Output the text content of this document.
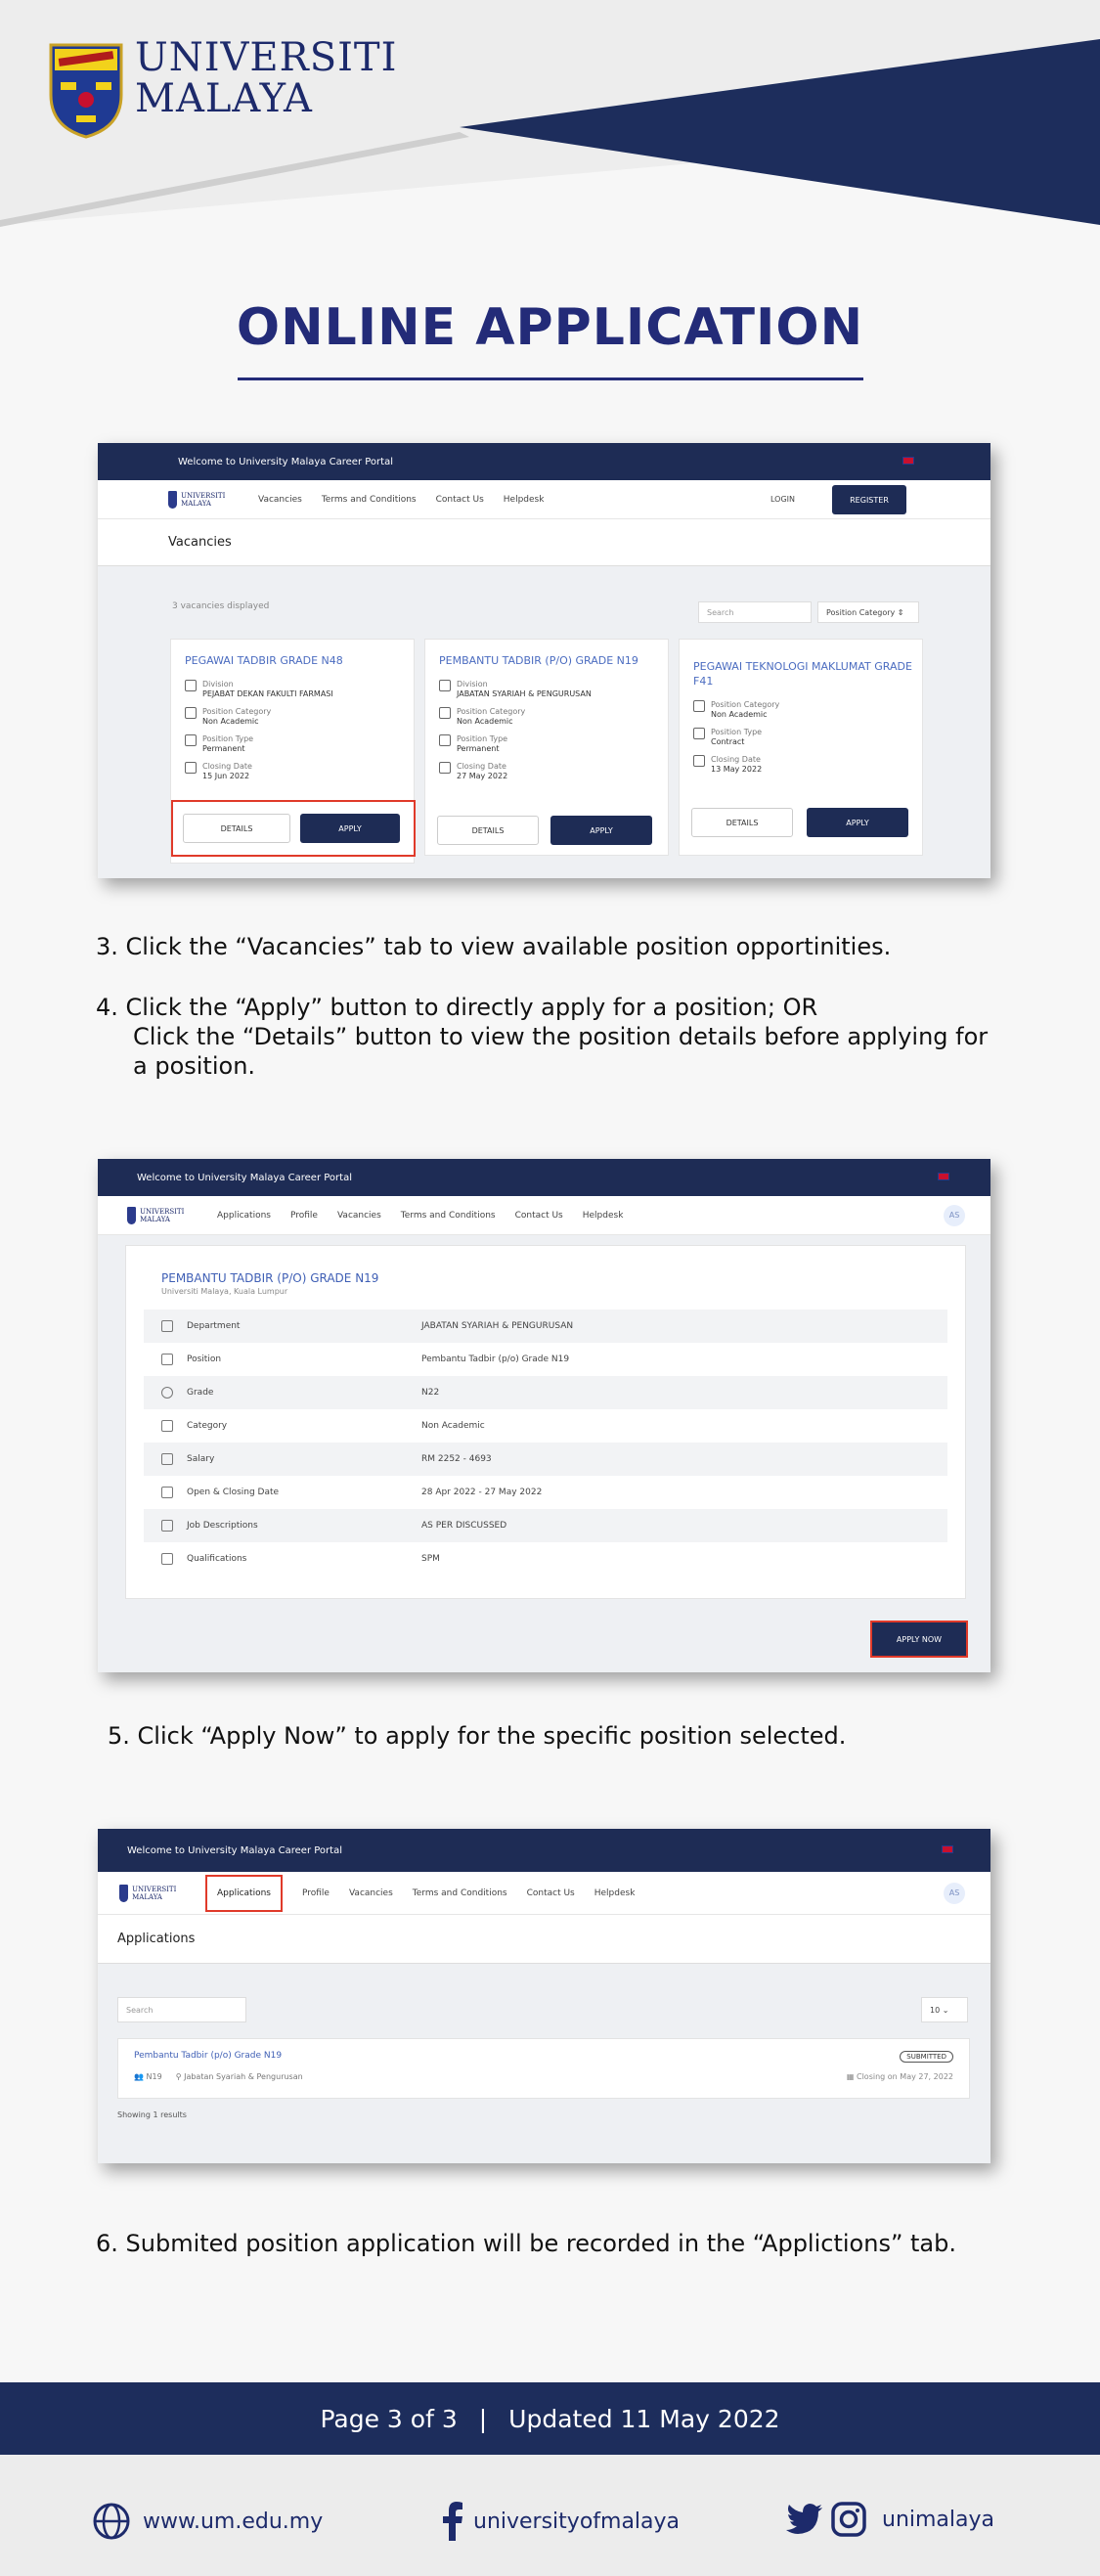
UNIVERSITI
MALAYA
ONLINE APPLICATION
Welcome to University Malaya Career Portal
UNIVERSITI MALAYA	Vacancies Terms and Conditions Contact Us Helpdesk	LOGIN	REGISTER
Vacancies
3 vacancies displayed
Search	Position Category ⇕
PEGAWAI TADBIR GRADE N48
Division
PEJABAT DEKAN FAKULTI FARMASI
Position Category
Non Academic
Position Type
Permanent
Closing Date
15 Jun 2022
DETAILS	APPLY
PEMBANTU TADBIR (P/O) GRADE N19
Division
JABATAN SYARIAH & PENGURUSAN
Position Category
Non Academic
Position Type
Permanent
Closing Date
27 May 2022
DETAILS	APPLY
PEGAWAI TEKNOLOGI MAKLUMAT GRADE F41
Position Category
Non Academic
Position Type
Contract
Closing Date
13 May 2022
DETAILS	APPLY
3. Click the “Vacancies” tab to view available position opportinities.
4. Click the “Apply” button to directly apply for a position; OR
Click the “Details” button to view the position details before applying for
a position.
Welcome to University Malaya Career Portal
UNIVERSITI MALAYA	Applications Profile Vacancies Terms and Conditions Contact Us Helpdesk	AS
PEMBANTU TADBIR (P/O) GRADE N19
Universiti Malaya, Kuala Lumpur
Department	JABATAN SYARIAH & PENGURUSAN
Position	Pembantu Tadbir (p/o) Grade N19
Grade	N22
Category	Non Academic
Salary	RM 2252 - 4693
Open & Closing Date	28 Apr 2022 - 27 May 2022
Job Descriptions	AS PER DISCUSSED
Qualifications	SPM
APPLY NOW
5. Click “Apply Now” to apply for the specific position selected.
Welcome to University Malaya Career Portal
UNIVERSITI MALAYA	Applications	Profile Vacancies Terms and Conditions Contact Us Helpdesk	AS
Applications
Search	10 ⌄
Pembantu Tadbir (p/o) Grade N19
👥 N19 ⚲ Jabatan Syariah & Pengurusan
SUBMITTED
▦ Closing on May 27, 2022
Showing 1 results
6. Submited position application will be recorded in the “Applictions” tab.
Page 3 of 3 | Updated 11 May 2022
www.um.edu.my	universityofmalaya	unimalaya
